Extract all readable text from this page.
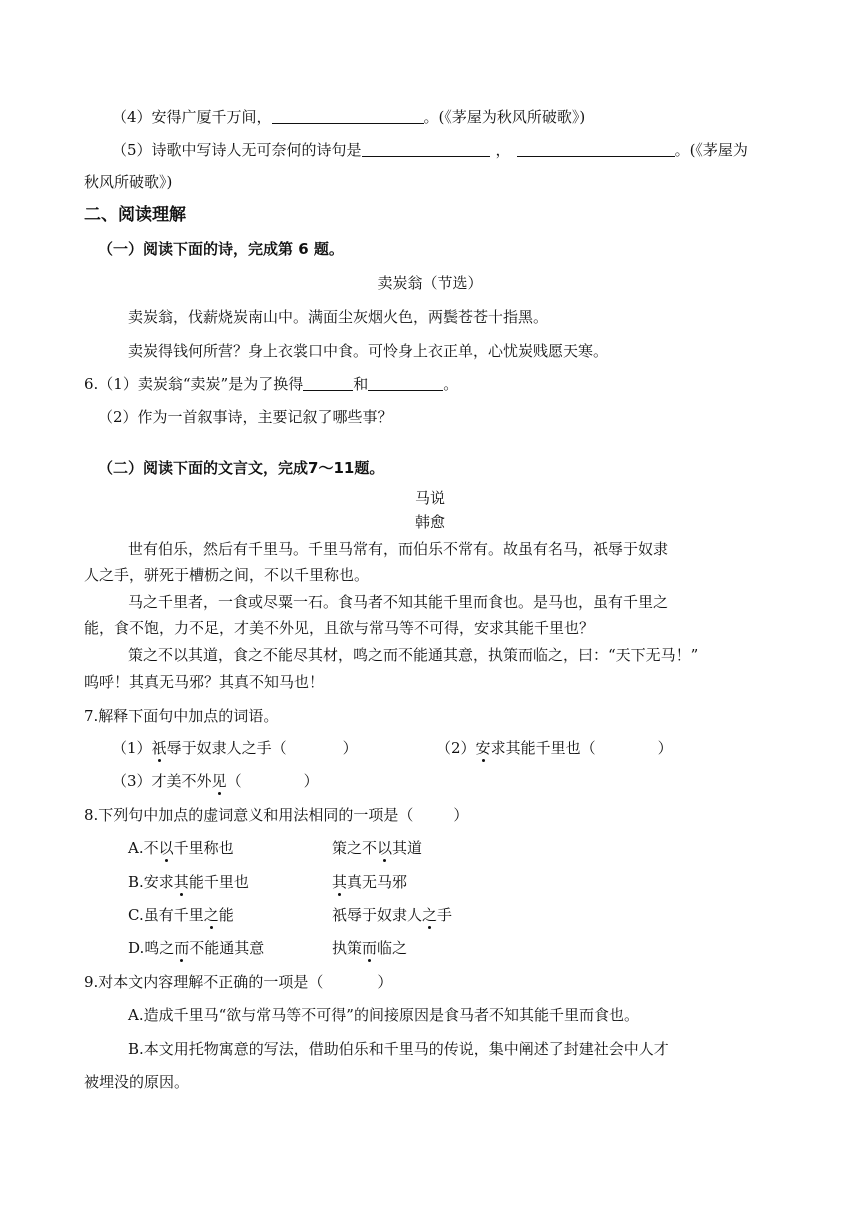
（4）安得广厦千万间，	。(《茅屋为秋风所破歌》)
（5）诗歌中写诗人无可奈何的诗句是	，	。(《茅屋为
秋风所破歌》)
二、阅读理解
（一）阅读下面的诗，完成第 6 题。
卖炭翁（节选）
卖炭翁，伐薪烧炭南山中。满面尘灰烟火色，两鬓苍苍十指黑。
卖炭得钱何所营？身上衣裳口中食。可怜身上衣正单，心忧炭贱愿天寒。
6.（1）卖炭翁“卖炭”是为了换得	和	。
（2）作为一首叙事诗，主要记叙了哪些事？
（二）阅读下面的文言文，完成7～11题。
马说
韩愈
世有伯乐，然后有千里马。千里马常有，而伯乐不常有。故虽有名马，祇辱于奴隶
人之手，骈死于槽枥之间，不以千里称也。
马之千里者，一食或尽粟一石。食马者不知其能千里而食也。是马也，虽有千里之
能，食不饱，力不足，才美不外见，且欲与常马等不可得，安求其能千里也？
策之不以其道，食之不能尽其材，鸣之而不能通其意，执策而临之，曰：“天下无马！”
呜呼！其真无马邪？其真不知马也！
7.解释下面句中加点的词语。
（1）祇辱于奴隶人之手（	）	（2）安求其能千里也（	）
（3）才美不外见（	）
8.下列句中加点的虚词意义和用法相同的一项是（	）
A.不以千里称也	策之不以其道
B.安求其能千里也	其真无马邪
C.虽有千里之能	祇辱于奴隶人之手
D.鸣之而不能通其意	执策而临之
9.对本文内容理解不正确的一项是（	）
A.造成千里马“欲与常马等不可得”的间接原因是食马者不知其能千里而食也。
B.本文用托物寓意的写法，借助伯乐和千里马的传说，集中阐述了封建社会中人才
被埋没的原因。
